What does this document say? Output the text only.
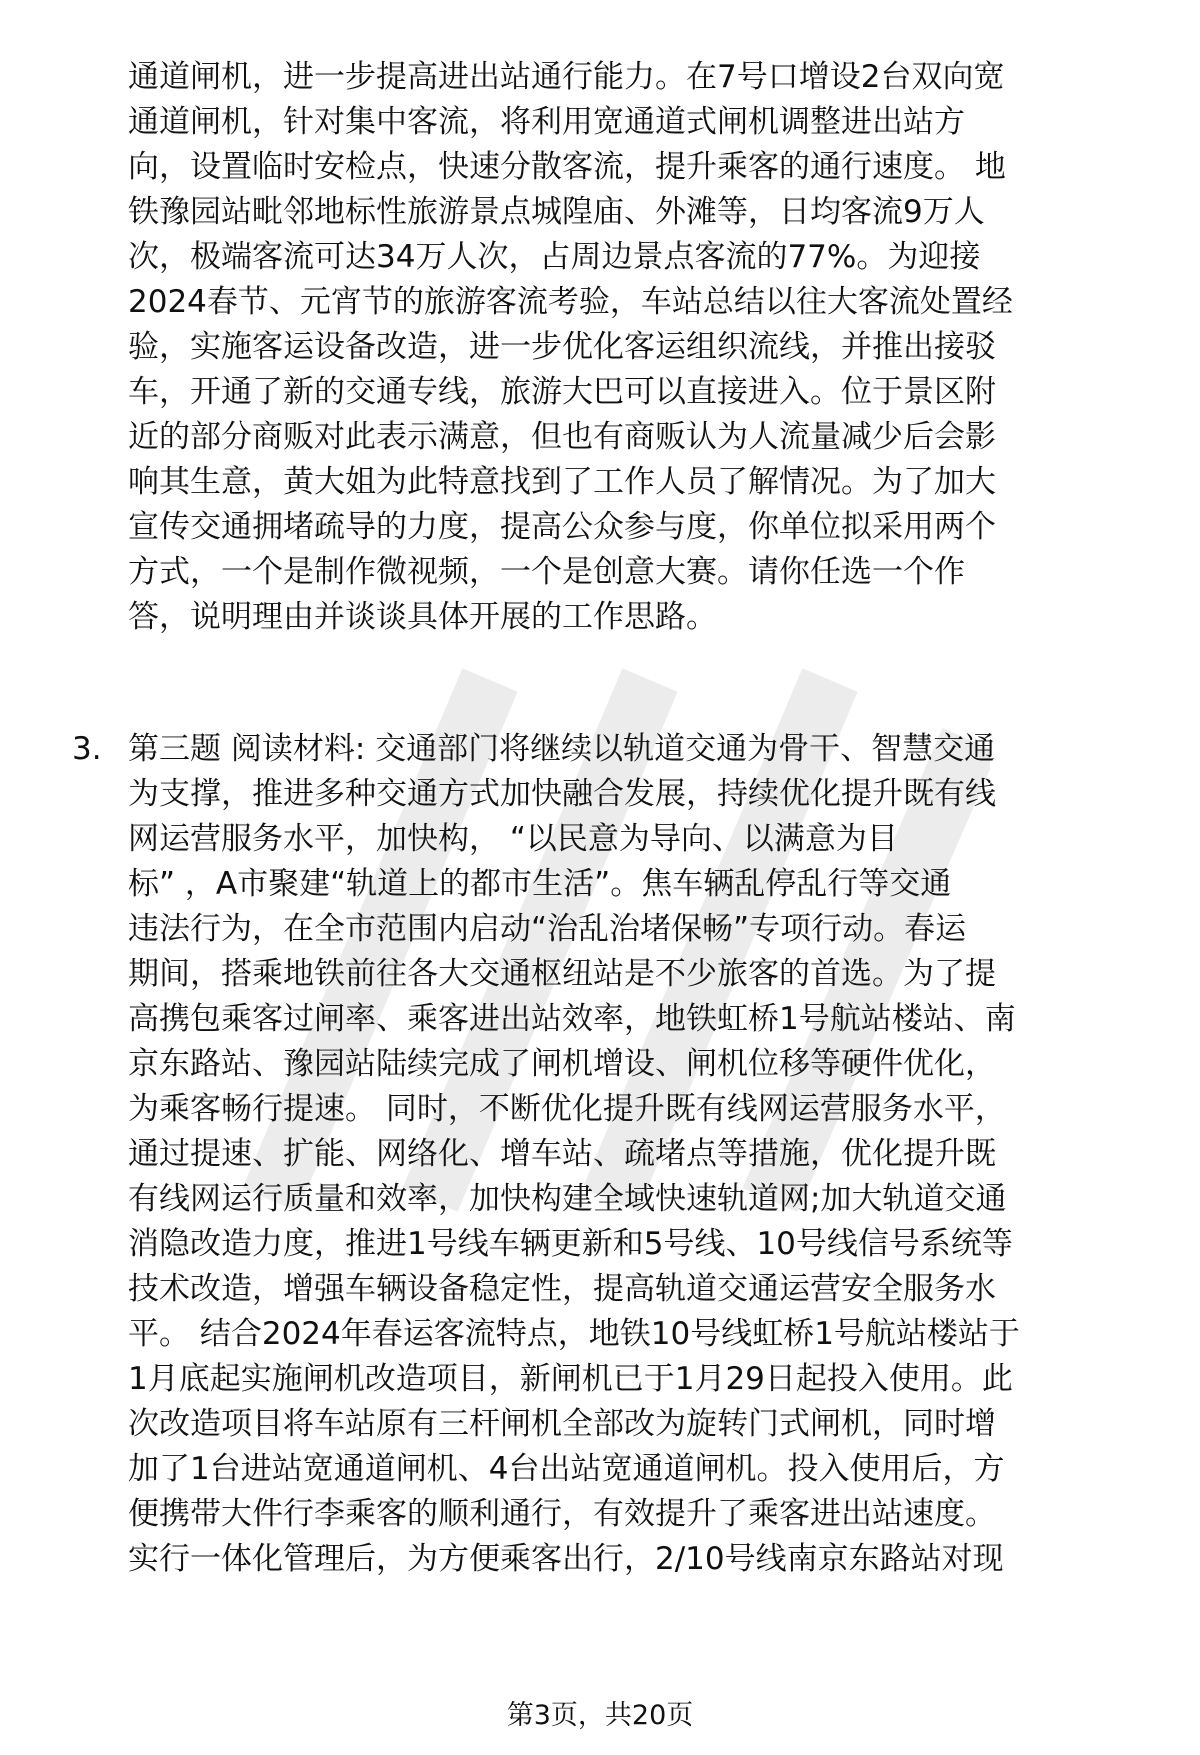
通道闸机，进一步提高进出站通行能力。在7号口增设2台双向宽
通道闸机，针对集中客流，将利用宽通道式闸机调整进出站方
向，设置临时安检点，快速分散客流，提升乘客的通行速度。 地
铁豫园站毗邻地标性旅游景点城隍庙、外滩等，日均客流9万人
次，极端客流可达34万人次，占周边景点客流的77%。为迎接
2024春节、元宵节的旅游客流考验，车站总结以往大客流处置经
验，实施客运设备改造，进一步优化客运组织流线，并推出接驳
车，开通了新的交通专线，旅游大巴可以直接进入。位于景区附
近的部分商贩对此表示满意，但也有商贩认为人流量减少后会影
响其生意，黄大姐为此特意找到了工作人员了解情况。为了加大
宣传交通拥堵疏导的力度，提高公众参与度，你单位拟采用两个
方式，一个是制作微视频，一个是创意大赛。请你任选一个作
答，说明理由并谈谈具体开展的工作思路。
3. 第三题 阅读材料: 交通部门将继续以轨道交通为骨干、智慧交通
为支撑，推进多种交通方式加快融合发展，持续优化提升既有线
网运营服务水平，加快构， “以民意为导向、以满意为目
标” ，A市聚建“轨道上的都市生活”。焦车辆乱停乱行等交通
违法行为，在全市范围内启动“治乱治堵保畅”专项行动。春运
期间，搭乘地铁前往各大交通枢纽站是不少旅客的首选。为了提
高携包乘客过闸率、乘客进出站效率，地铁虹桥1号航站楼站、南
京东路站、豫园站陆续完成了闸机增设、闸机位移等硬件优化，
为乘客畅行提速。 同时，不断优化提升既有线网运营服务水平，
通过提速、扩能、网络化、增车站、疏堵点等措施，优化提升既
有线网运行质量和效率，加快构建全域快速轨道网;加大轨道交通
消隐改造力度，推进1号线车辆更新和5号线、10号线信号系统等
技术改造，增强车辆设备稳定性，提高轨道交通运营安全服务水
平。 结合2024年春运客流特点，地铁10号线虹桥1号航站楼站于
1月底起实施闸机改造项目，新闸机已于1月29日起投入使用。此
次改造项目将车站原有三杆闸机全部改为旋转门式闸机，同时增
加了1台进站宽通道闸机、4台出站宽通道闸机。投入使用后，方
便携带大件行李乘客的顺利通行，有效提升了乘客进出站速度。
实行一体化管理后，为方便乘客出行，2/10号线南京东路站对现
第3页，共20页
